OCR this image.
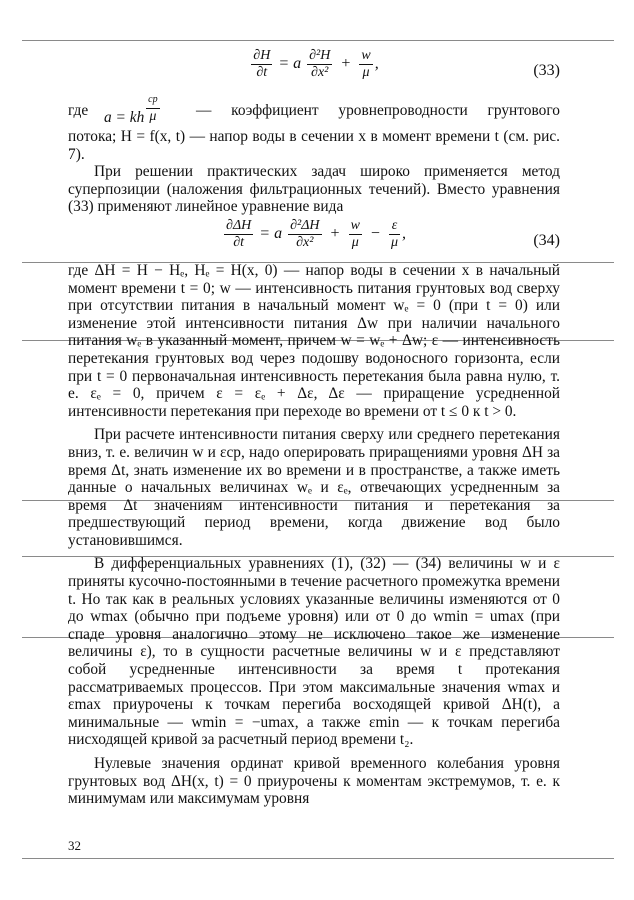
$\frac{\partial H}{\partial t} = a \frac{\text{∂²H}}{\text{∂x²}} + \frac{w}{\mu}$ ,	(33)
где a = kh $\frac{ср}{\mu}$ — коэффициент уровнепроводности грунтового

потока; H = f(x, t) — напор воды в сечении x в момент времени t (см. рис. 7).

При решении практических задач широко применяется метод суперпозиции (наложения фильтрационных течений). Вместо уравнения (33) применяют линейное уравнение вида

$\frac{\partial\Delta H}{\partial t} = a \frac{\text{∂²ΔH}}{\text{∂x²}} + \frac{w}{\mu} - \frac{\varepsilon}{\mu}$ ,	(34)

где ΔH = H − Hₑ, Hₑ = H(x, 0) — напор воды в сечении x в начальный момент времени t = 0; w — интенсивность питания грунтовых вод сверху при отсутствии питания в начальный момент wₑ = 0 (при t = 0) или изменение этой интенсивности питания Δw при наличии начального питания wₑ в указанный момент, причем w = wₑ + Δw; ε — интенсивность перетекания грунтовых вод через подошву водоносного горизонта, если при t = 0 первоначальная интенсивность перетекания была равна нулю, т. е. εₑ = 0, причем ε = εₑ + Δε, Δε — приращение усредненной интенсивности перетекания при переходе во времени от t ≤ 0 к t > 0.

При расчете интенсивности питания сверху или среднего перетекания вниз, т. е. величин w и εср, надо оперировать приращениями уровня ΔH за время Δt, знать изменение их во времени и в пространстве, а также иметь данные о начальных величинах wₑ и εₑ, отвечающих усредненным за время Δt значениям интенсивности питания и перетекания за предшествующий период времени, когда движение вод было установившимся.

В дифференциальных уравнениях (1), (32) — (34) величины w и ε приняты кусочно-постоянными в течение расчетного промежутка времени t. Но так как в реальных условиях указанные величины изменяются от 0 до wmax (обычно при подъеме уровня) или от 0 до wmin = umax (при спаде уровня аналогично этому не исключено такое же изменение величины ε), то в сущности расчетные величины w и ε представляют собой усредненные интенсивности за время t протекания рассматриваемых процессов. При этом максимальные значения wmax и εmax приурочены к точкам перегиба восходящей кривой ΔH(t), а минимальные — wmin = −umax, а также εmin — к точкам перегиба нисходящей кривой за расчетный период времени t₂.

Нулевые значения ординат кривой временного колебания уровня грунтовых вод ΔH(x, t) = 0 приурочены к моментам экстремумов, т. е. к минимумам или максимумам уровня

32
